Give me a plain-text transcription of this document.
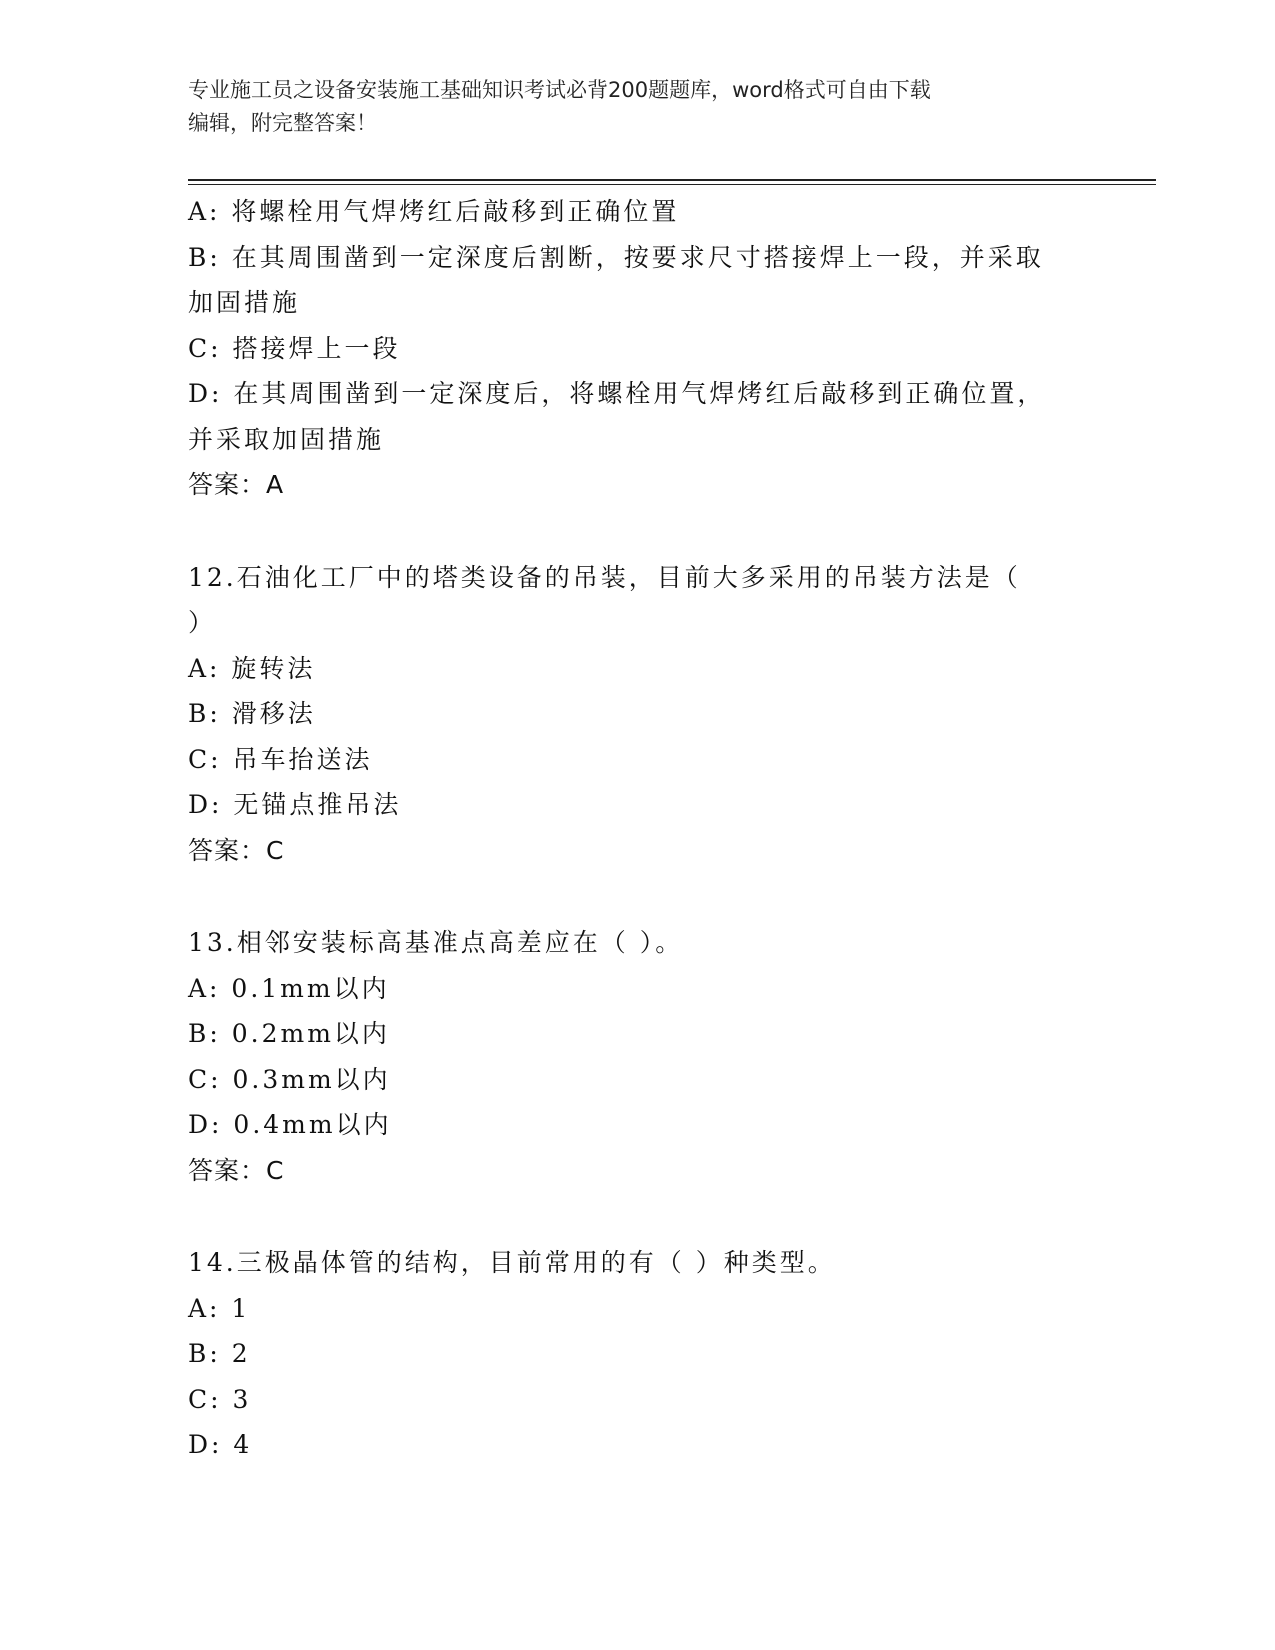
专业施工员之设备安装施工基础知识考试必背200题题库，word格式可自由下载
编辑，附完整答案！
A: 将螺栓用气焊烤红后敲移到正确位置
B: 在其周围凿到一定深度后割断，按要求尺寸搭接焊上一段，并采取
加固措施
C: 搭接焊上一段
D: 在其周围凿到一定深度后，将螺栓用气焊烤红后敲移到正确位置，
并采取加固措施
答案：A
12.石油化工厂中的塔类设备的吊装，目前大多采用的吊装方法是（
）
A: 旋转法
B: 滑移法
C: 吊车抬送法
D: 无锚点推吊法
答案：C
13.相邻安装标高基准点高差应在（ ）。
A: 0.1mm以内
B: 0.2mm以内
C: 0.3mm以内
D: 0.4mm以内
答案：C
14.三极晶体管的结构，目前常用的有（ ）种类型。
A: 1
B: 2
C: 3
D: 4
